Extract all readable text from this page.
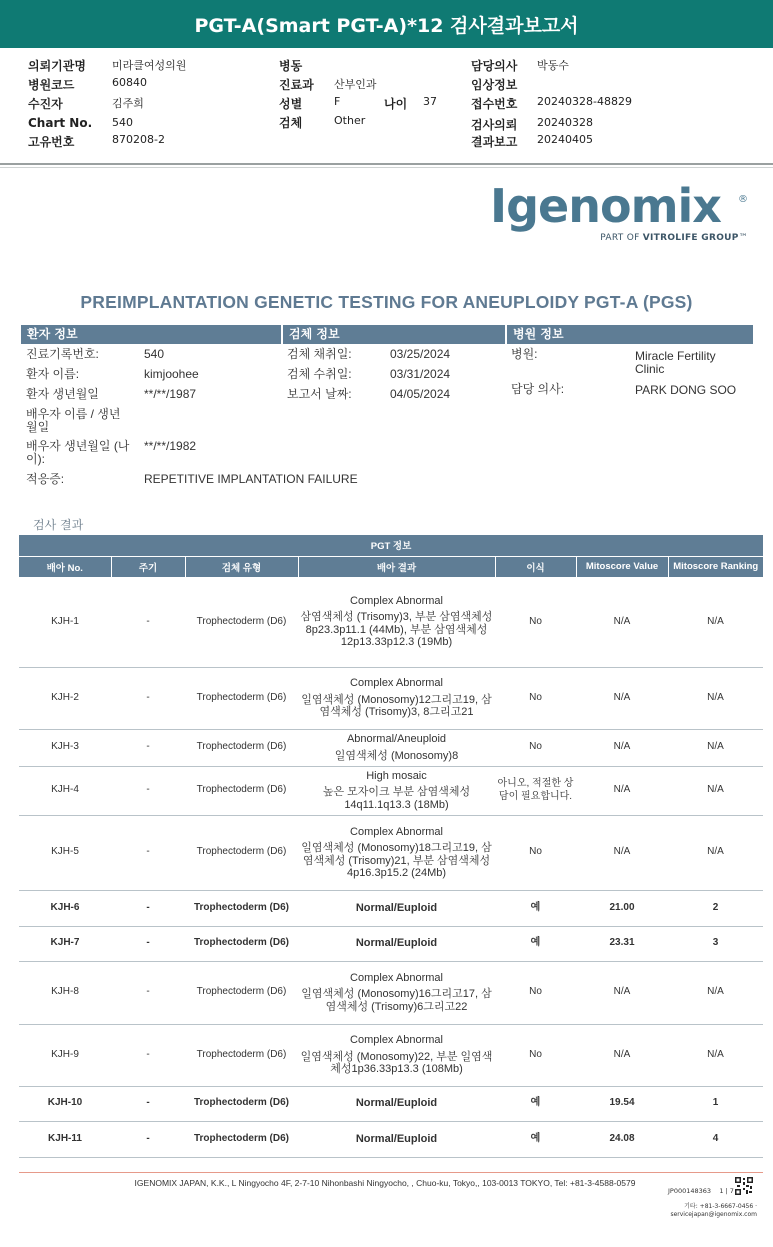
PGT-A(Smart PGT-A)*12 검사결과보고서
의뢰기관명 미라클여성의원
병원코드	60840
수진자	김주희
Chart No. 540
고유번호	870208-2
병동
진료과 산부인과
성별	F	나이 37
검체	Other
담당의사 박동수
임상정보
접수번호 20240328-48829
검사의뢰 20240328
결과보고 20240405
Igenomix	®
PART OF VITROLIFE GROUP™
PREIMPLANTATION GENETIC TESTING FOR ANEUPLOIDY PGT-A (PGS)
환자 정보	검체 정보	병원 정보
진료기록번호:	540
환자 이름:	kimjoohee
환자 생년월일	**/**/1987
배우자 이름 / 생년월일
배우자 생년월일 (나이):
**/**/1982
적응증:	REPETITIVE IMPLANTATION FAILURE
검체 채취일:	03/25/2024
검체 수취일:	03/31/2024
보고서 날짜:	04/05/2024
병원:	Miracle Fertility Clinic
담당 의사:	PARK DONG SOO
검사 결과
PGT 정보						
배아 No.	주기	검체 유형	배아 결과	이식	Mitoscore Value	Mitoscore Ranking
KJH-1	-	Trophectoderm (D6)	Complex Abnormal
삼염색체성 (Trisomy)3, 부분 삼염색체성8p23.3p11.1 (44Mb), 부분 삼염색체성12p13.33p12.3 (19Mb)	No	N/A	N/A
KJH-2	-	Trophectoderm (D6)	Complex Abnormal
일염색체성 (Monosomy)12그리고19, 삼염색체성 (Trisomy)3, 8그리고21	No	N/A	N/A
KJH-3	-	Trophectoderm (D6)	Abnormal/Aneuploid
일염색체성 (Monosomy)8	No	N/A	N/A
KJH-4	-	Trophectoderm (D6)	High mosaic
높은 모자이크 부분 삼염색체성14q11.1q13.3 (18Mb)	아니오, 적절한 상담이 필요합니다.	N/A	N/A
KJH-5	-	Trophectoderm (D6)	Complex Abnormal
일염색체성 (Monosomy)18그리고19, 삼염색체성 (Trisomy)21, 부분 삼염색체성4p16.3p15.2 (24Mb)	No	N/A	N/A
KJH-6	-	Trophectoderm (D6)	Normal/Euploid	예	21.00	2
KJH-7	-	Trophectoderm (D6)	Normal/Euploid	예	23.31	3
KJH-8	-	Trophectoderm (D6)	Complex Abnormal
일염색체성 (Monosomy)16그리고17, 삼염색체성 (Trisomy)6그리고22	No	N/A	N/A
KJH-9	-	Trophectoderm (D6)	Complex Abnormal
일염색체성 (Monosomy)22, 부분 일염색체성1p36.33p13.3 (108Mb)	No	N/A	N/A
KJH-10	-	Trophectoderm (D6)	Normal/Euploid	예	19.54	1
KJH-11	-	Trophectoderm (D6)	Normal/Euploid	예	24.08	4
IGENOMIX JAPAN, K.K., L Ningyocho 4F, 2-7-10 Nihonbashi Ningyocho, , Chuo-ku, Tokyo,, 103-0013 TOKYO, Tel: +81-3-4588-0579
JP000148363 1 | 7
기타: +81-3-6667-0456 ·
servicejapan@igenomix.com
